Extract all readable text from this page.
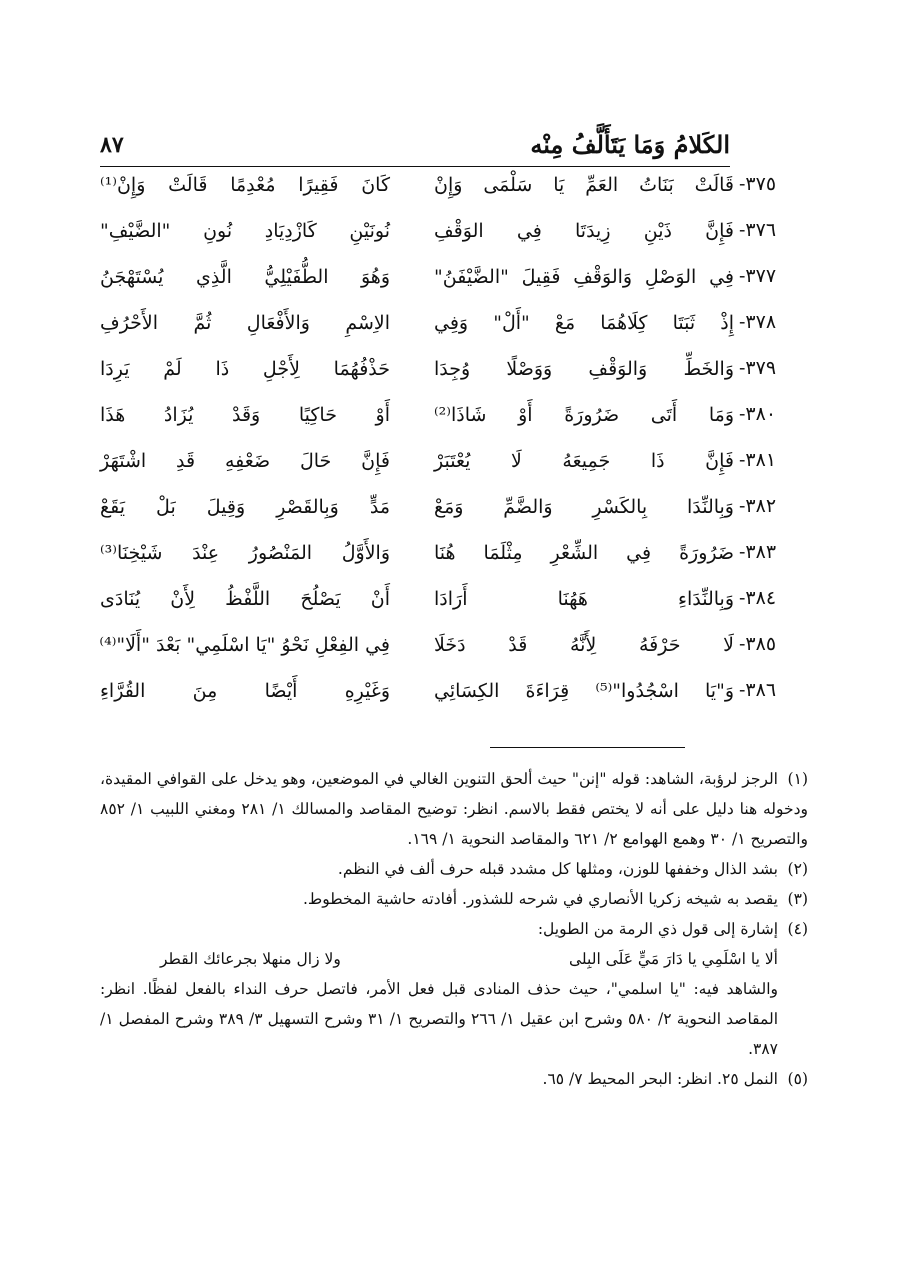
الكَلامُ وَمَا يَتَأَلَّفُ مِنْه
٨٧
٣٧٥-
قَالَتْ بَنَاتُ العَمِّ يَا سَلْمَى وَإِنْ
كَانَ فَقِيرًا مُعْدِمًا قَالَتْ وَإِنْ⁽¹⁾
٣٧٦-
فَإِنَّ ذَيْنِ زِيدَتَا فِي الوَقْفِ
نُونَيْنِ كَازْدِيَادِ نُونِ "الضَّيْفِ"
٣٧٧-
فِي الوَصْلِ وَالوَقْفِ فَقِيلَ "الضَّيْفَنُ"
وَهُوَ الطُّفَيْلِيُّ الَّذِي يُسْتَهْجَنُ
٣٧٨-
إِذْ ثَبَتَا كِلَاهُمَا مَعْ "أَلْ" وَفِي
الاِسْمِ وَالأَفْعَالِ ثُمَّ الأَحْرُفِ
٣٧٩-
وَالخَطِّ وَالوَقْفِ وَوَصْلًا وُجِدَا
حَذْفُهُمَا لِأَجْلِ ذَا لَمْ يَرِدَا
٣٨٠-
وَمَا أَتَى ضَرُورَةً أَوْ شَاذَا⁽²⁾
أَوْ حَاكِيًا وَقَدْ يُزَادُ هَذَا
٣٨١-
فَإِنَّ ذَا جَمِيعَهُ لَا يُعْتَبَرْ
فَإِنَّ حَالَ ضَعْفِهِ قَدِ اشْتَهَرْ
٣٨٢-
وَبِالنِّدَا بِالكَسْرِ وَالضَّمِّ وَمَعْ
مَدٍّ وَبِالقَصْرِ وَقِيلَ بَلْ يَقَعْ
٣٨٣-
ضَرُورَةً فِي الشِّعْرِ مِثْلَمَا هُنَا
وَالأَوَّلُ المَنْصُورُ عِنْدَ شَيْخِنَا⁽³⁾
٣٨٤-
وَبِالنِّدَاءِ هَهُنَا أَرَادَا
أَنْ يَصْلُحَ اللَّفْظُ لِأَنْ يُنَادَى
٣٨٥-
لَا حَرْفَهُ لِأَنَّهُ قَدْ دَخَلَا
فِي الفِعْلِ نَحْوُ "يَا اسْلَمِي" بَعْدَ "أَلَا"⁽⁴⁾
٣٨٦-
وَ"يَا اسْجُدُوا"⁽⁵⁾ قِرَاءَةَ الكِسَائِي
وَغَيْرِهِ أَيْضًا مِنَ القُرَّاءِ

(١)الرجز لرؤبة، الشاهد: قوله "إنن" حيث ألحق التنوين الغالي في الموضعين، وهو يدخل على القوافي المقيدة، ودخوله هنا دليل على أنه لا يختص فقط بالاسم. انظر: توضيح المقاصد والمسالك ١/ ٢٨١ ومغني اللبيب ١/ ٨٥٢ والتصريح ١/ ٣٠ وهمع الهوامع ٢/ ٦٢١ والمقاصد النحوية ١/ ١٦٩.

(٢)بشد الذال وخففها للوزن، ومثلها كل مشدد قبله حرف ألف في النظم.

(٣)يقصد به شيخه زكريا الأنصاري في شرحه للشذور. أفادته حاشية المخطوط.

(٤)إشارة إلى قول ذي الرمة من الطويل:

ألا يا اسْلَمِي يا دَارَ مَيٍّ عَلَى البِلى
ولا زال منهلا بجرعائك القطر

والشاهد فيه: "يا اسلمي"، حيث حذف المنادى قبل فعل الأمر، فاتصل حرف النداء بالفعل لفظًا. انظر: المقاصد النحوية ٢/ ٥٨٠ وشرح ابن عقيل ١/ ٢٦٦ والتصريح ١/ ٣١ وشرح التسهيل ٣/ ٣٨٩ وشرح المفصل ١/ ٣٨٧.

(٥)النمل ٢٥. انظر: البحر المحيط ٧/ ٦٥.
